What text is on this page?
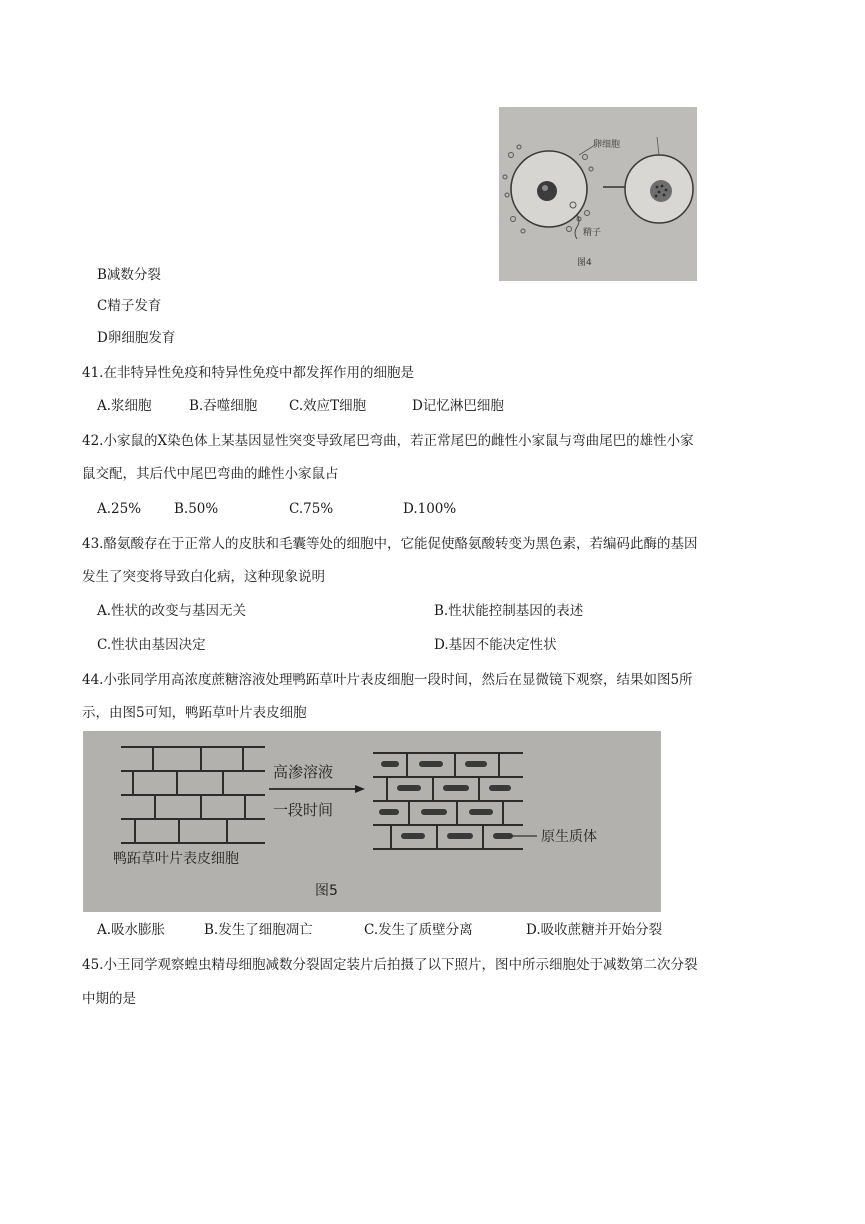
卵细胞
精子
图4
B减数分裂
C精子发育
D卵细胞发育
41.在非特异性免疫和特异性免疫中都发挥作用的细胞是
A.浆细胞	B.吞噬细胞 C.效应T细胞	D记忆淋巴细胞
42.小家鼠的X染色体上某基因显性突变导致尾巴弯曲，若正常尾巴的雌性小家鼠与弯曲尾巴的雄性小家
鼠交配，其后代中尾巴弯曲的雌性小家鼠占
A.25% B.50%	C.75%	D.100%
43.酪氨酸存在于正常人的皮肤和毛囊等处的细胞中，它能促使酪氨酸转变为黑色素，若编码此酶的基因
发生了突变将导致白化病，这种现象说明
A.性状的改变与基因无关	B.性状能控制基因的表述
C.性状由基因决定	D.基因不能决定性状
44.小张同学用高浓度蔗糖溶液处理鸭跖草叶片表皮细胞一段时间，然后在显微镜下观察，结果如图5所
示，由图5可知，鸭跖草叶片表皮细胞
高渗溶液
一段时间
原生质体
鸭跖草叶片表皮细胞
图5
A.吸水膨胀	B.发生了细胞凋亡	C.发生了质壁分离	D.吸收蔗糖并开始分裂
45.小王同学观察蝗虫精母细胞减数分裂固定装片后拍摄了以下照片，图中所示细胞处于减数第二次分裂
中期的是
